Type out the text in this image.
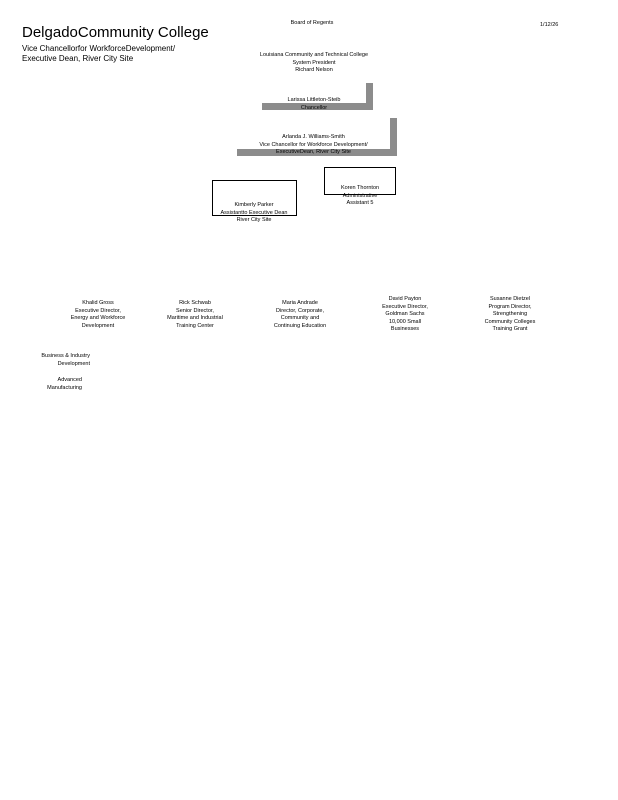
DelgadoCommunity College
Vice Chancellorfor WorkforceDevelopment/
Executive Dean, River City Site
1/12/26
Board of Regents
Louisiana Community and Technical College
System President
Richard Nelson
Larissa Littleton-Steib
Chancellor
Arlanda J. Williams-Smith
Vice Chancellor for Workforce Development/
ExecutiveDean, River City Site
Kimberly Parker
Assistantto Executive Dean
River City Site
Koren Thornton
Administrative
Assistant 5
Khalid Gross
Executive Director,
Energy and Workforce
Development
Rick Schwab
Senior Director,
Maritime and Industrial
Training Center
Maria Andrade
Director, Corporate,
Community and
Continuing Education
David Payton
Executive Director,
Goldman Sachs
10,000 Small
Businesses
Susanne Dietzel
Program Director,
Strengthening
Community Colleges
Training Grant
Business & Industry
Development
Advanced
Manufacturing
